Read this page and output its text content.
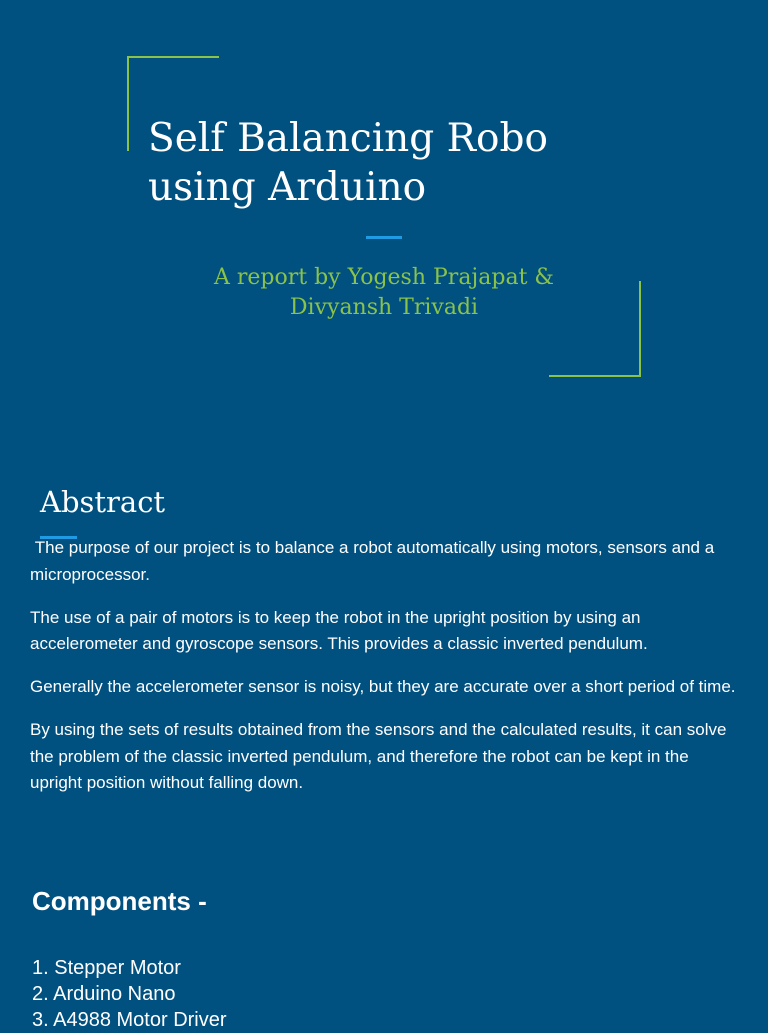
Self Balancing Robo
using Arduino

A report by Yogesh Prajapat &
Divyansh Trivadi

Abstract

The purpose of our project is to balance a robot automatically using motors, sensors and a microprocessor.

The use of a pair of motors is to keep the robot in the upright position by using an accelerometer and gyroscope sensors. This provides a classic inverted pendulum.

Generally the accelerometer sensor is noisy, but they are accurate over a short period of time.

By using the sets of results obtained from the sensors and the calculated results, it can solve the problem of the classic inverted pendulum, and therefore the robot can be kept in the upright position without falling down.

Components -
1. Stepper Motor
2. Arduino Nano
3. A4988 Motor Driver
